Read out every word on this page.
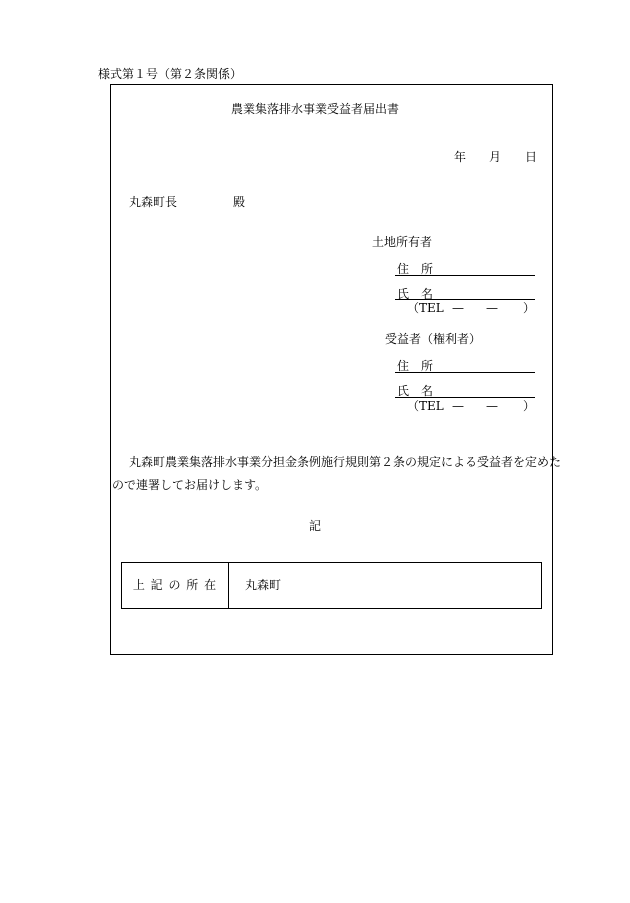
様式第１号（第２条関係）
農業集落排水事業受益者届出書
年 月 日
丸森町長	殿
土地所有者
住　所
氏　名
（TEL — — ）
受益者（権利者）
住　所
氏　名
（TEL — — ）
丸森町農業集落排水事業分担金条例施行規則第２条の規定による受益者を定めた
ので連署してお届けします。
記
上 記 の 所 在	丸森町
